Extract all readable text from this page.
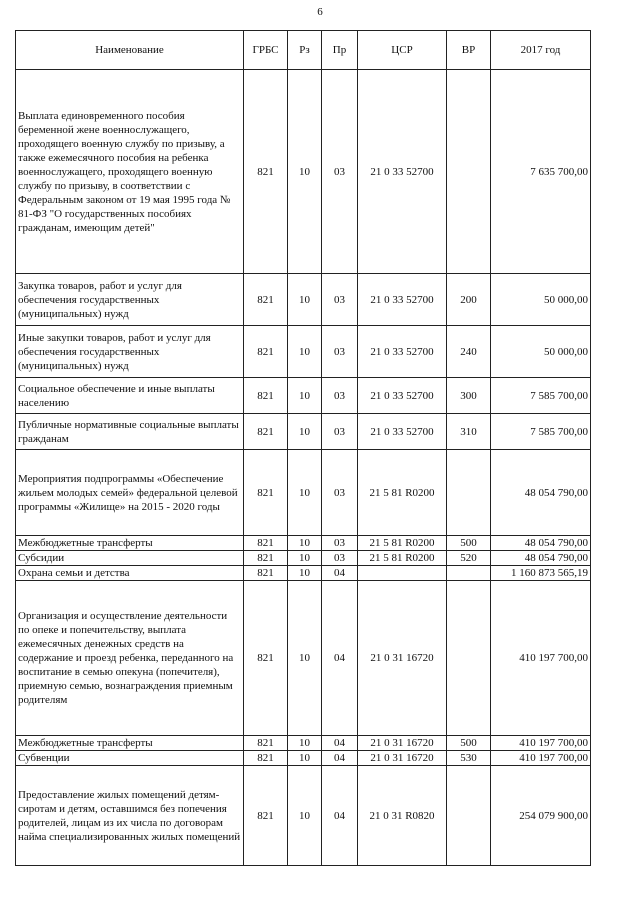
6
Наименование	ГРБС	Рз	Пр	ЦСР	ВР	2017 год
Выплата единовременного пособия беременной жене военнослужащего, проходящего военную службу по призыву, а также ежемесячного пособия на ребенка военнослужащего, проходящего военную службу по призыву, в соответствии с Федеральным законом от 19 мая 1995 года № 81-ФЗ "О государственных пособиях гражданам, имеющим детей"	821	10	03	21 0 33 52700		7 635 700,00
Закупка товаров, работ и услуг для обеспечения государственных (муниципальных) нужд	821	10	03	21 0 33 52700	200	50 000,00
Иные закупки товаров, работ и услуг для обеспечения государственных (муниципальных) нужд	821	10	03	21 0 33 52700	240	50 000,00
Социальное обеспечение и иные выплаты населению	821	10	03	21 0 33 52700	300	7 585 700,00
Публичные нормативные социальные выплаты гражданам	821	10	03	21 0 33 52700	310	7 585 700,00
Мероприятия подпрограммы «Обеспечение жильем молодых семей» федеральной целевой программы «Жилище» на 2015 - 2020 годы	821	10	03	21 5 81 R0200		48 054 790,00
Межбюджетные трансферты	821	10	03	21 5 81 R0200	500	48 054 790,00
Субсидии	821	10	03	21 5 81 R0200	520	48 054 790,00
Охрана семьи и детства	821	10	04			1 160 873 565,19
Организация и осуществление деятельности по опеке и попечительству, выплата ежемесячных денежных средств на содержание и проезд ребенка, переданного на воспитание в семью опекуна (попечителя), приемную семью, вознаграждения приемным родителям	821	10	04	21 0 31 16720		410 197 700,00
Межбюджетные трансферты	821	10	04	21 0 31 16720	500	410 197 700,00
Субвенции	821	10	04	21 0 31 16720	530	410 197 700,00
Предоставление жилых помещений детям-сиротам и детям, оставшимся без попечения родителей, лицам из их числа по договорам найма специализированных жилых помещений	821	10	04	21 0 31 R0820		254 079 900,00
